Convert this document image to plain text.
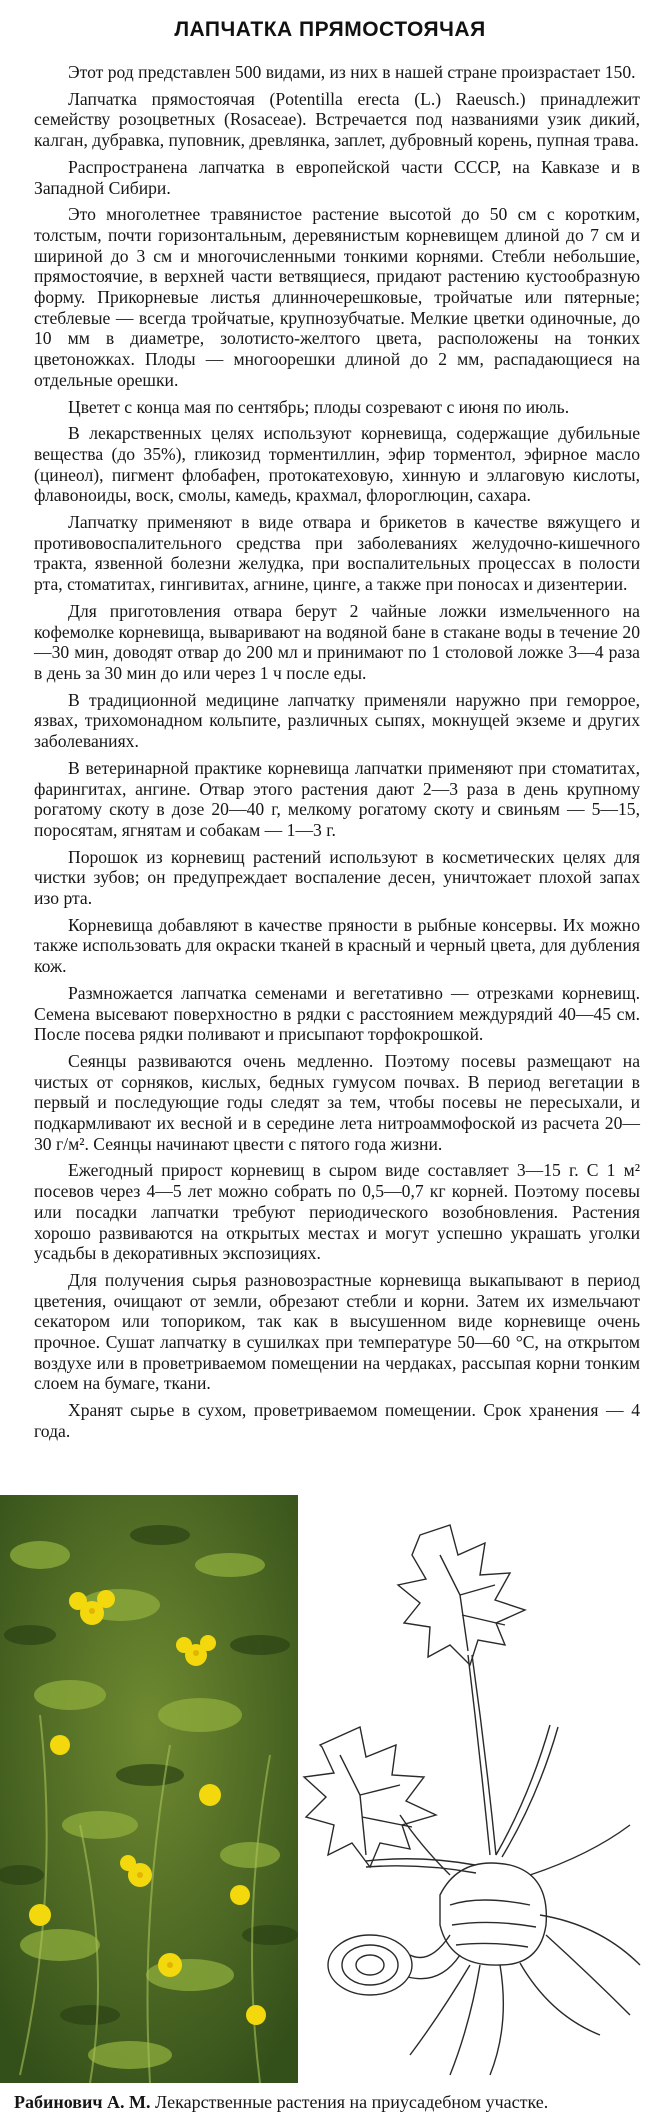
ЛАПЧАТКА ПРЯМОСТОЯЧАЯ

Этот род представлен 500 видами, из них в нашей стране произрастает 150.

Лапчатка прямостоячая (Potentilla erecta (L.) Raeusch.) принадлежит семейству розоцветных (Rosaceae). Встречается под названиями узик дикий, калган, дубравка, пуповник, древлянка, заплет, дубровный корень, пупная трава.

Распространена лапчатка в европейской части СССР, на Кавказе и в Западной Сибири.

Это многолетнее травянистое растение высотой до 50 см с коротким, толстым, почти горизонтальным, деревянистым корневищем длиной до 7 см и шириной до 3 см и многочисленными тонкими корнями. Стебли небольшие, прямостоячие, в верхней части ветвящиеся, придают растению кустообразную форму. Прикорневые листья длинночерешковые, тройчатые или пятерные; стеблевые — всегда тройчатые, крупнозубчатые. Мелкие цветки одиночные, до 10 мм в диаметре, золотисто-желтого цвета, расположены на тонких цветоножках. Плоды — многоорешки длиной до 2 мм, распадающиеся на отдельные орешки.

Цветет с конца мая по сентябрь; плоды созревают с июня по июль.

В лекарственных целях используют корневища, содержащие дубильные вещества (до 35%), гликозид торментиллин, эфир торментол, эфирное масло (цинеол), пигмент флобафен, протокатеховую, хинную и эллаговую кислоты, флавоноиды, воск, смолы, камедь, крахмал, флороглюцин, сахара.

Лапчатку применяют в виде отвара и брикетов в качестве вяжущего и противовоспалительного средства при заболеваниях желудочно-кишечного тракта, язвенной болезни желудка, при воспалительных процессах в полости рта, стоматитах, гингивитах, агнине, цинге, а также при поносах и дизентерии.

Для приготовления отвара берут 2 чайные ложки измельченного на кофемолке корневища, вываривают на водяной бане в стакане воды в течение 20—30 мин, доводят отвар до 200 мл и принимают по 1 столовой ложке 3—4 раза в день за 30 мин до или через 1 ч после еды.

В традиционной медицине лапчатку применяли наружно при геморрое, язвах, трихомонадном кольпите, различных сыпях, мокнущей экземе и других заболеваниях.

В ветеринарной практике корневища лапчатки применяют при стоматитах, фарингитах, ангине. Отвар этого растения дают 2—3 раза в день крупному рогатому скоту в дозе 20—40 г, мелкому рогатому скоту и свиньям — 5—15, поросятам, ягнятам и собакам — 1—3 г.

Порошок из корневищ растений используют в косметических целях для чистки зубов; он предупреждает воспаление десен, уничтожает плохой запах изо рта.

Корневища добавляют в качестве пряности в рыбные консервы. Их можно также использовать для окраски тканей в красный и черный цвета, для дубления кож.

Размножается лапчатка семенами и вегетативно — отрезками корневищ. Семена высевают поверхностно в рядки с расстоянием междурядий 40—45 см. После посева рядки поливают и присыпают торфокрошкой.

Сеянцы развиваются очень медленно. Поэтому посевы размещают на чистых от сорняков, кислых, бедных гумусом почвах. В период вегетации в первый и последующие годы следят за тем, чтобы посевы не пересыхали, и подкармливают их весной и в середине лета нитроаммофоской из расчета 20—30 г/м². Сеянцы начинают цвести с пятого года жизни.

Ежегодный прирост корневищ в сыром виде составляет 3—15 г. С 1 м² посевов через 4—5 лет можно собрать по 0,5—0,7 кг корней. Поэтому посевы или посадки лапчатки требуют периодического возобновления. Растения хорошо развиваются на открытых местах и могут успешно украшать уголки усадьбы в декоративных экспозициях.

Для получения сырья разновозрастные корневища выкапывают в период цветения, очищают от земли, обрезают стебли и корни. Затем их измельчают секатором или топориком, так как в высушенном виде корневище очень прочное. Сушат лапчатку в сушилках при температуре 50—60 °С, на открытом воздухе или в проветриваемом помещении на чердаках, рассыпая корни тонким слоем на бумаге, ткани.

Хранят сырье в сухом, проветриваемом помещении. Срок хранения — 4 года.

postila.ru
Рабинович А. М. Лекарственные растения на приусадебном участке.
